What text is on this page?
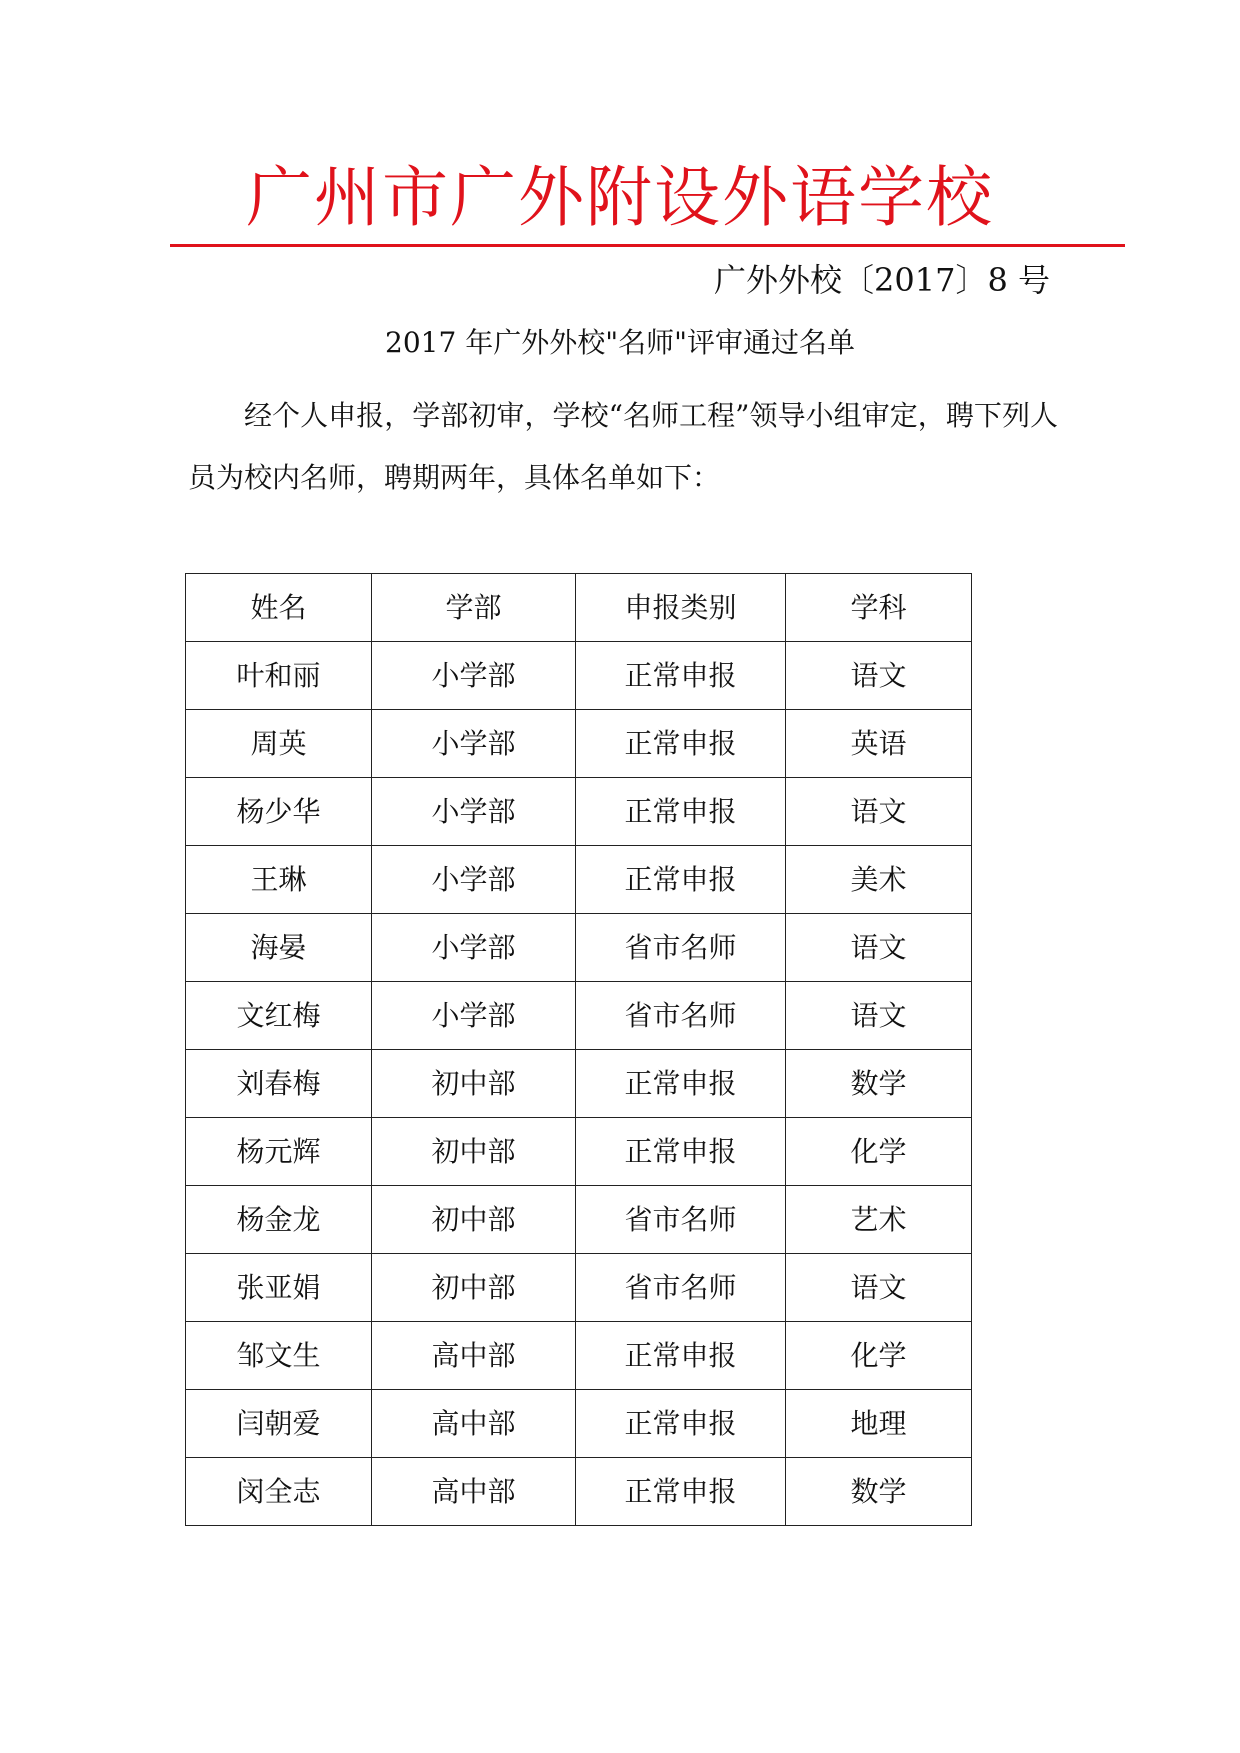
广州市广外附设外语学校
广外外校〔2017〕8 号
2017 年广外外校"名师"评审通过名单
经个人申报，学部初审，学校“名师工程”领导小组审定，聘下列人员为校内名师，聘期两年，具体名单如下：
姓名	学部	申报类别	学科
叶和丽	小学部	正常申报	语文
周英	小学部	正常申报	英语
杨少华	小学部	正常申报	语文
王琳	小学部	正常申报	美术
海晏	小学部	省市名师	语文
文红梅	小学部	省市名师	语文
刘春梅	初中部	正常申报	数学
杨元辉	初中部	正常申报	化学
杨金龙	初中部	省市名师	艺术
张亚娟	初中部	省市名师	语文
邹文生	高中部	正常申报	化学
闫朝爱	高中部	正常申报	地理
闵全志	高中部	正常申报	数学
